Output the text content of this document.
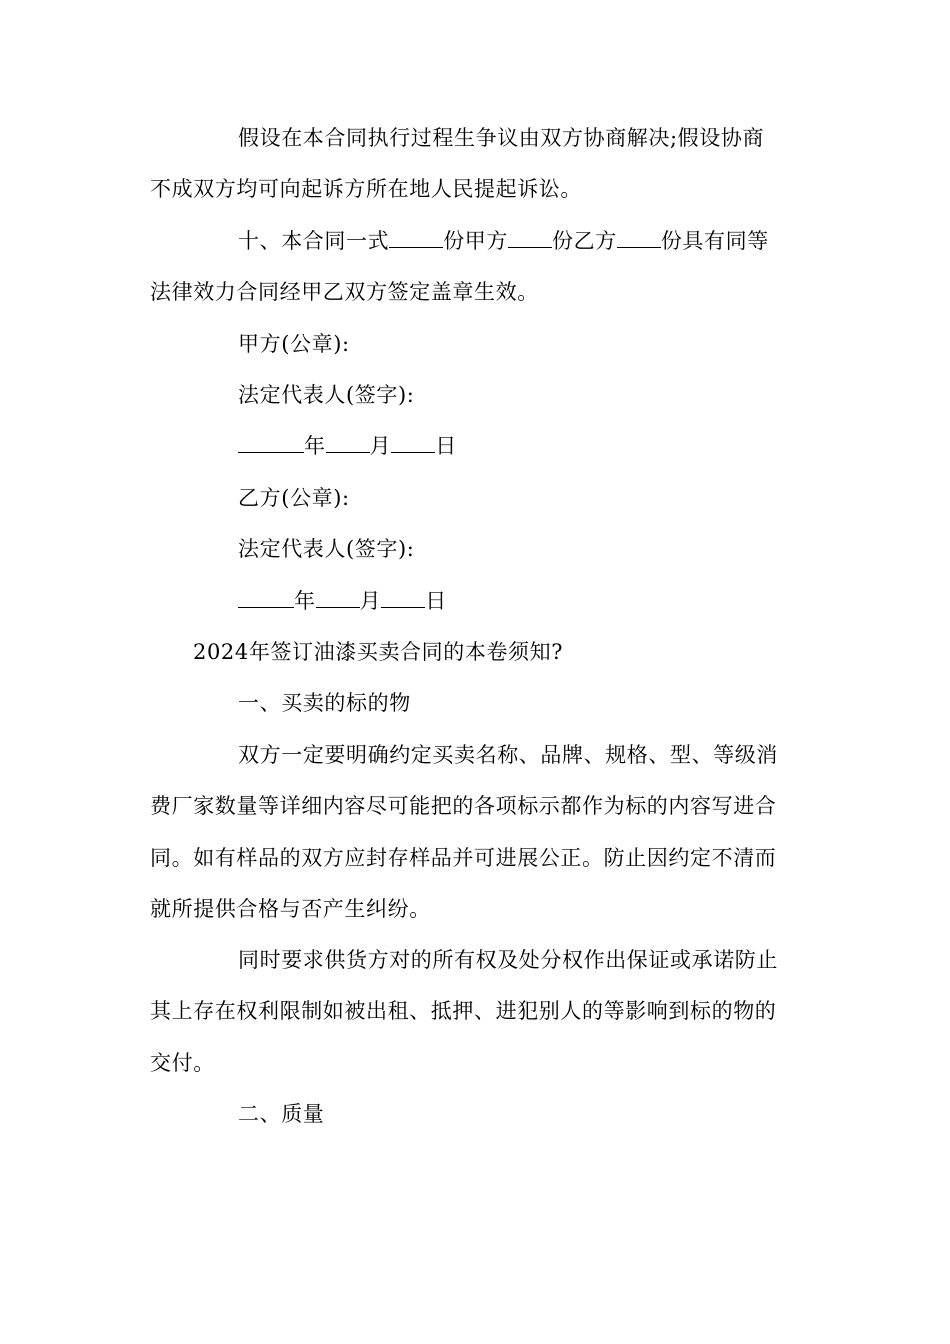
假设在本合同执行过程生争议由双方协商解决;假设协商
不成双方均可向起诉方所在地人民提起诉讼。
十、本合同一式	份甲方 份乙方 份具有同等
法律效力合同经甲乙双方签定盖章生效。
甲方(公章):
法定代表人(签字):
年 月 日
乙方(公章):
法定代表人(签字):
年 月 日
2024年签订油漆买卖合同的本卷须知?
一、买卖的标的物
双方一定要明确约定买卖名称、品牌、规格、型、等级消
费厂家数量等详细内容尽可能把的各项标示都作为标的内容写进合
同。如有样品的双方应封存样品并可进展公正。防止因约定不清而
就所提供合格与否产生纠纷。
同时要求供货方对的所有权及处分权作出保证或承诺防止
其上存在权利限制如被出租、抵押、进犯别人的等影响到标的物的
交付。
二、质量
